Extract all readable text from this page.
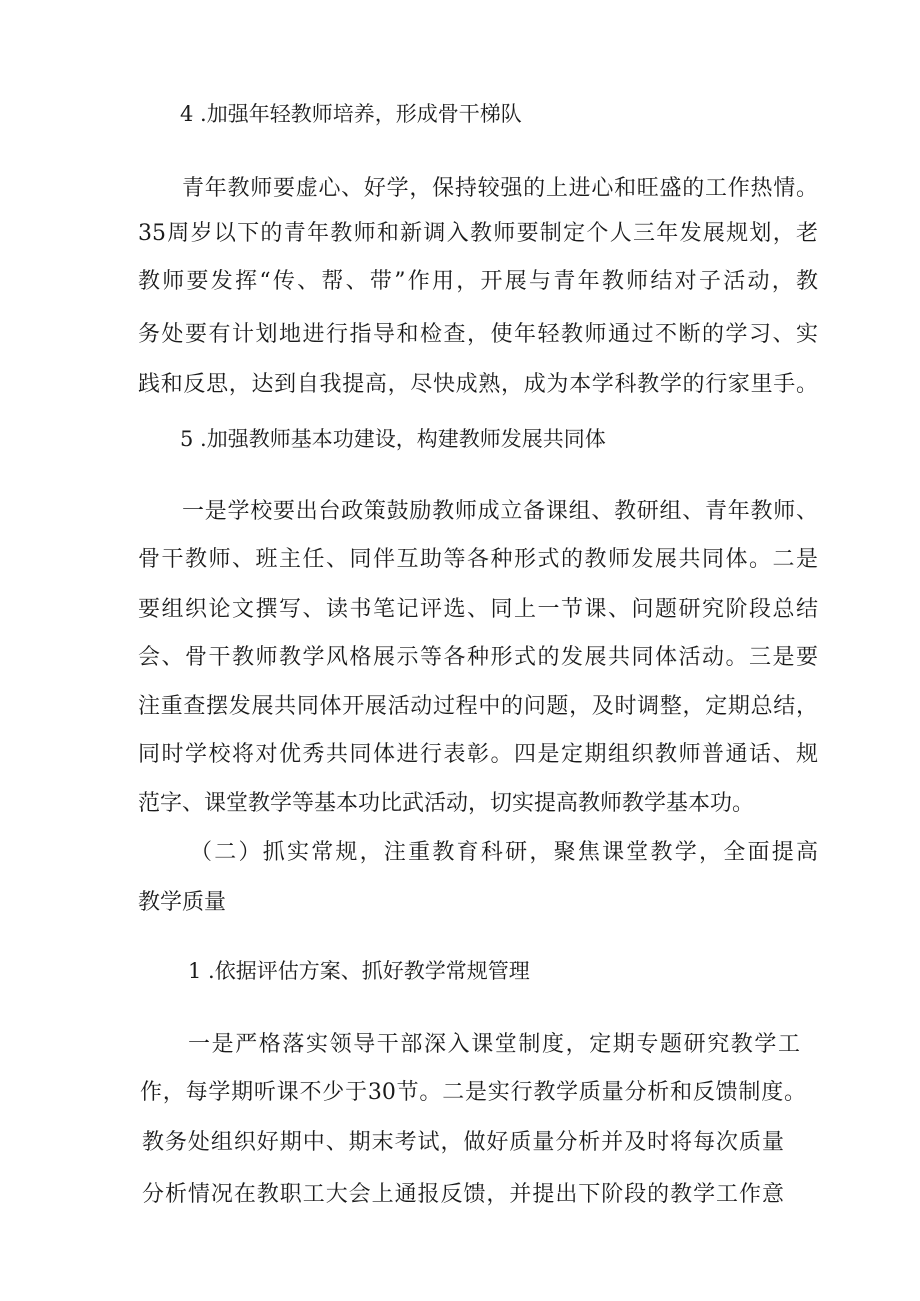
4 .加强年轻教师培养，形成骨干梯队

青年教师要虚心、好学，保持较强的上进心和旺盛的工作热情。

35周岁以下的青年教师和新调入教师要制定个人三年发展规划，老

教师要发挥“传、帮、带”作用，开展与青年教师结对子活动，教

务处要有计划地进行指导和检查，使年轻教师通过不断的学习、实

践和反思，达到自我提高，尽快成熟，成为本学科教学的行家里手。

5 .加强教师基本功建设，构建教师发展共同体

一是学校要出台政策鼓励教师成立备课组、教研组、青年教师、

骨干教师、班主任、同伴互助等各种形式的教师发展共同体。二是

要组织论文撰写、读书笔记评选、同上一节课、问题研究阶段总结

会、骨干教师教学风格展示等各种形式的发展共同体活动。三是要

注重查摆发展共同体开展活动过程中的问题，及时调整，定期总结，

同时学校将对优秀共同体进行表彰。四是定期组织教师普通话、规

范字、课堂教学等基本功比武活动，切实提高教师教学基本功。

（二）抓实常规，注重教育科研，聚焦课堂教学，全面提高

教学质量

1 .依据评估方案、抓好教学常规管理

一是严格落实领导干部深入课堂制度，定期专题研究教学工

作，每学期听课不少于30节。二是实行教学质量分析和反馈制度。

教务处组织好期中、期末考试，做好质量分析并及时将每次质量

分析情况在教职工大会上通报反馈，并提出下阶段的教学工作意
